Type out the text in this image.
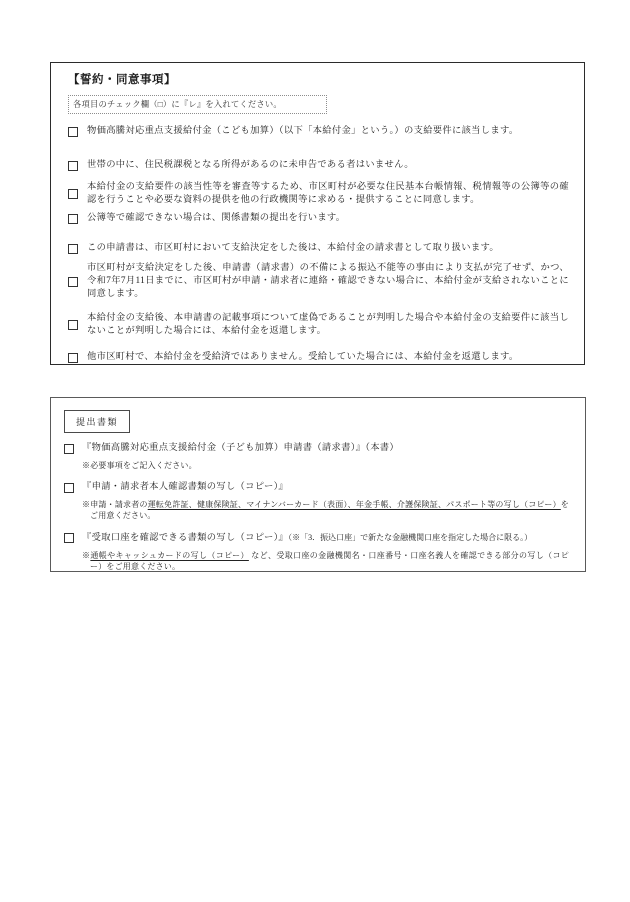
【誓約・同意事項】
各項目のチェック欄（□）に『レ』を入れてください。
物価高騰対応重点支援給付金（こども加算）（以下「本給付金」という。）の支給要件に該当します。
世帯の中に、住民税課税となる所得があるのに未申告である者はいません。
本給付金の支給要件の該当性等を審査等するため、市区町村が必要な住民基本台帳情報、税情報等の公簿等の確認を行うことや必要な資料の提供を他の行政機関等に求める・提供することに同意します。
公簿等で確認できない場合は、関係書類の提出を行います。
この申請書は、市区町村において支給決定をした後は、本給付金の請求書として取り扱います。
市区町村が支給決定をした後、申請書（請求書）の不備による振込不能等の事由により支払が完了せず、かつ、令和7年7月11日までに、市区町村が申請・請求者に連絡・確認できない場合に、本給付金が支給されないことに同意します。
本給付金の支給後、本申請書の記載事項について虚偽であることが判明した場合や本給付金の支給要件に該当しないことが判明した場合には、本給付金を返還します。
他市区町村で、本給付金を受給済ではありません。受給していた場合には、本給付金を返還します。
提出書類
『物価高騰対応重点支援給付金（子ども加算）申請書（請求書）』（本書）
※必要事項をご記入ください。
『申請・請求者本人確認書類の写し（コピー）』
※申請・請求者の運転免許証、健康保険証、マイナンバーカード（表面）、年金手帳、介護保険証、パスポート等の写し（コピー）をご用意ください。
『受取口座を確認できる書類の写し（コピー）』（※「3．振込口座」で新たな金融機関口座を指定した場合に限る。）
※通帳やキャッシュカードの写し（コピー） など、受取口座の金融機関名・口座番号・口座名義人を確認できる部分の写し（コピー）をご用意ください。
